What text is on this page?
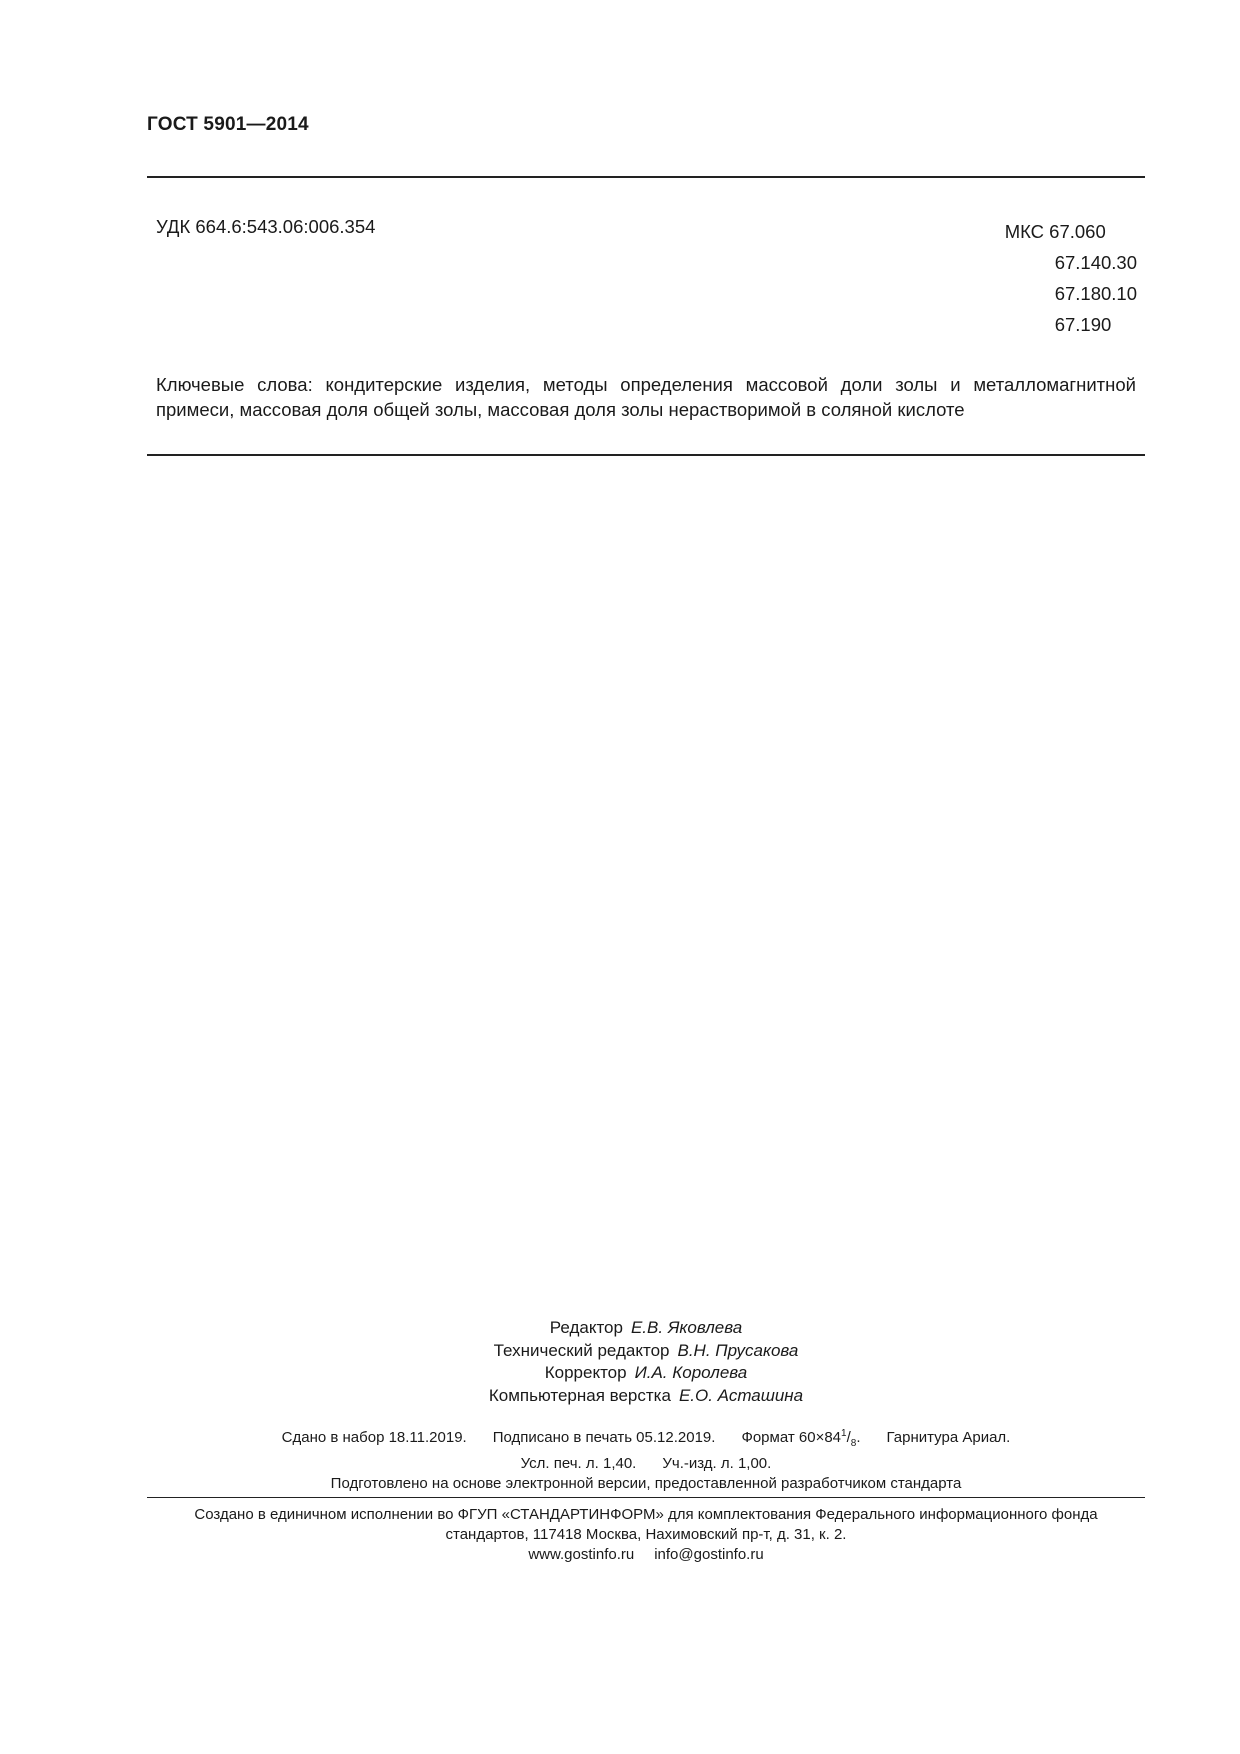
ГОСТ 5901—2014
УДК 664.6:543.06:006.354	МКС 67.060
67.140.30
67.180.10
67.190
Ключевые слова: кондитерские изделия, методы определения массовой доли золы и металломагнитной примеси, массовая доля общей золы, массовая доля золы нерастворимой в соляной кислоте
Редактор Е.В. Яковлева
Технический редактор В.Н. Прусакова
Корректор И.А. Королева
Компьютерная верстка Е.О. Асташина
Сдано в набор 18.11.2019. Подписано в печать 05.12.2019. Формат $60\times 84^1/_8$. Гарнитура Ариал.
Усл. печ. л. 1,40. Уч.-изд. л. 1,00.
Подготовлено на основе электронной версии, предоставленной разработчиком стандарта
Создано в единичном исполнении во ФГУП «СТАНДАРТИНФОРМ» для комплектования Федерального информационного фонда
стандартов, 117418 Москва, Нахимовский пр-т, д. 31, к. 2.
www.gostinfo.ru info@gostinfo.ru
